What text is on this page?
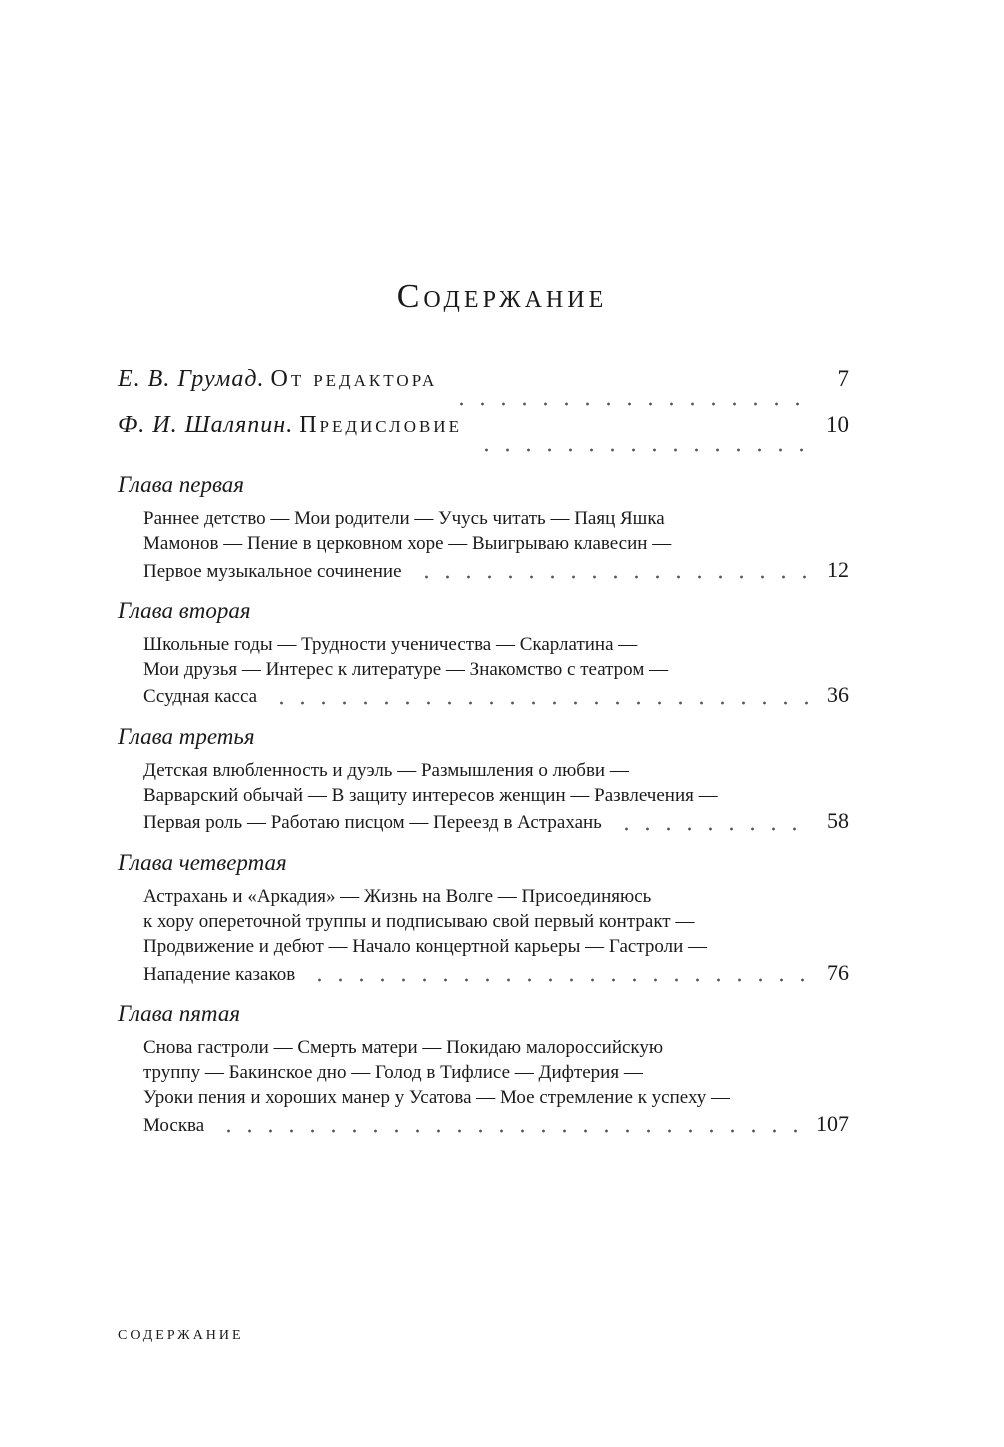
Содержание
Е. В. Грумад. От редактора	7
Ф. И. Шаляпин. Предисловие	10
Глава первая
Раннее детство — Мои родители — Учусь читать — Паяц Яшка
Мамонов — Пение в церковном хоре — Выигрываю клавесин —
Первое музыкальное сочинение	12
Глава вторая
Школьные годы — Трудности ученичества — Скарлатина —
Мои друзья — Интерес к литературе — Знакомство с театром —
Ссудная касса	36
Глава третья
Детская влюбленность и дуэль — Размышления о любви —
Варварский обычай — В защиту интересов женщин — Развлечения —
Первая роль — Работаю писцом — Переезд в Астрахань	58
Глава четвертая
Астрахань и «Аркадия» — Жизнь на Волге — Присоединяюсь
к хору опереточной труппы и подписываю свой первый контракт —
Продвижение и дебют — Начало концертной карьеры — Гастроли —
Нападение казаков	76
Глава пятая
Снова гастроли — Смерть матери — Покидаю малороссийскую
труппу — Бакинское дно — Голод в Тифлисе — Дифтерия —
Уроки пения и хороших манер у Усатова — Мое стремление к успеху —
Москва	107
СОДЕРЖАНИЕ
